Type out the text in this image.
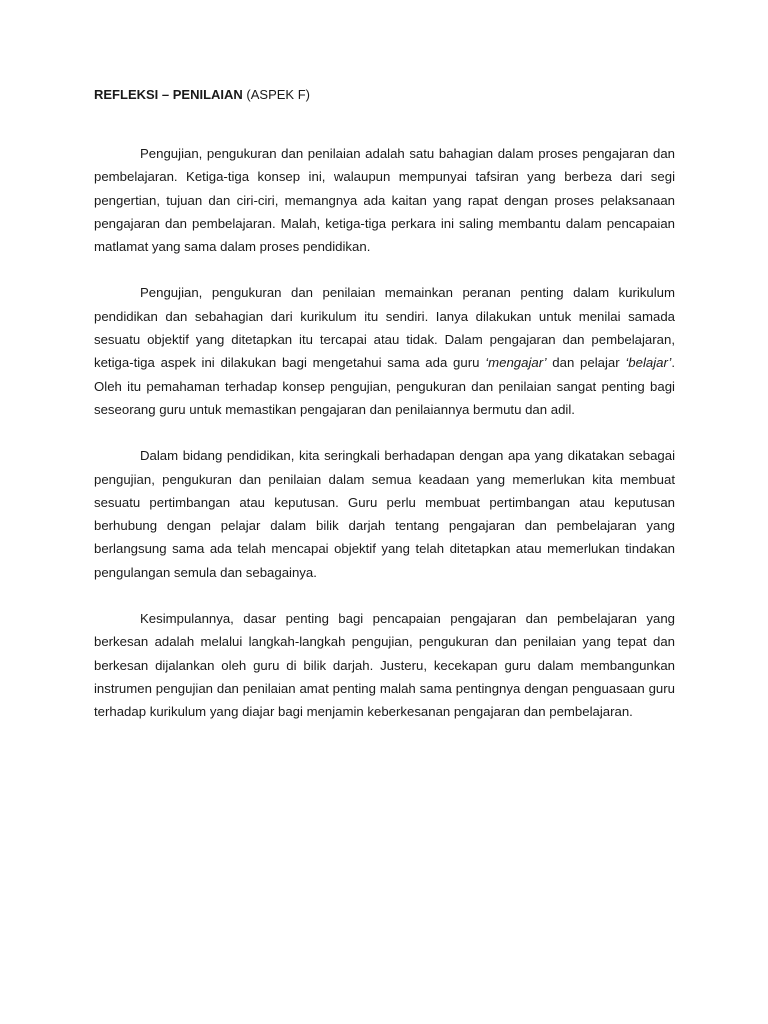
REFLEKSI – PENILAIAN (ASPEK F)

Pengujian, pengukuran dan penilaian adalah satu bahagian dalam proses pengajaran dan pembelajaran. Ketiga-tiga konsep ini, walaupun mempunyai tafsiran yang berbeza dari segi pengertian, tujuan dan ciri-ciri, memangnya ada kaitan yang rapat dengan proses pelaksanaan pengajaran dan pembelajaran. Malah, ketiga-tiga perkara ini saling membantu dalam pencapaian matlamat yang sama dalam proses pendidikan.

Pengujian, pengukuran dan penilaian memainkan peranan penting dalam kurikulum pendidikan dan sebahagian dari kurikulum itu sendiri. Ianya dilakukan untuk menilai samada sesuatu objektif yang ditetapkan itu tercapai atau tidak. Dalam pengajaran dan pembelajaran, ketiga-tiga aspek ini dilakukan bagi mengetahui sama ada guru ‘mengajar’ dan pelajar ‘belajar’. Oleh itu pemahaman terhadap konsep pengujian, pengukuran dan penilaian sangat penting bagi seseorang guru untuk memastikan pengajaran dan penilaiannya bermutu dan adil.

Dalam bidang pendidikan, kita seringkali berhadapan dengan apa yang dikatakan sebagai pengujian, pengukuran dan penilaian dalam semua keadaan yang memerlukan kita membuat sesuatu pertimbangan atau keputusan. Guru perlu membuat pertimbangan atau keputusan berhubung dengan pelajar dalam bilik darjah tentang pengajaran dan pembelajaran yang berlangsung sama ada telah mencapai objektif yang telah ditetapkan atau memerlukan tindakan pengulangan semula dan sebagainya.

Kesimpulannya, dasar penting bagi pencapaian pengajaran dan pembelajaran yang berkesan adalah melalui langkah-langkah pengujian, pengukuran dan penilaian yang tepat dan berkesan dijalankan oleh guru di bilik darjah. Justeru, kecekapan guru dalam membangunkan instrumen pengujian dan penilaian amat penting malah sama pentingnya dengan penguasaan guru terhadap kurikulum yang diajar bagi menjamin keberkesanan pengajaran dan pembelajaran.
